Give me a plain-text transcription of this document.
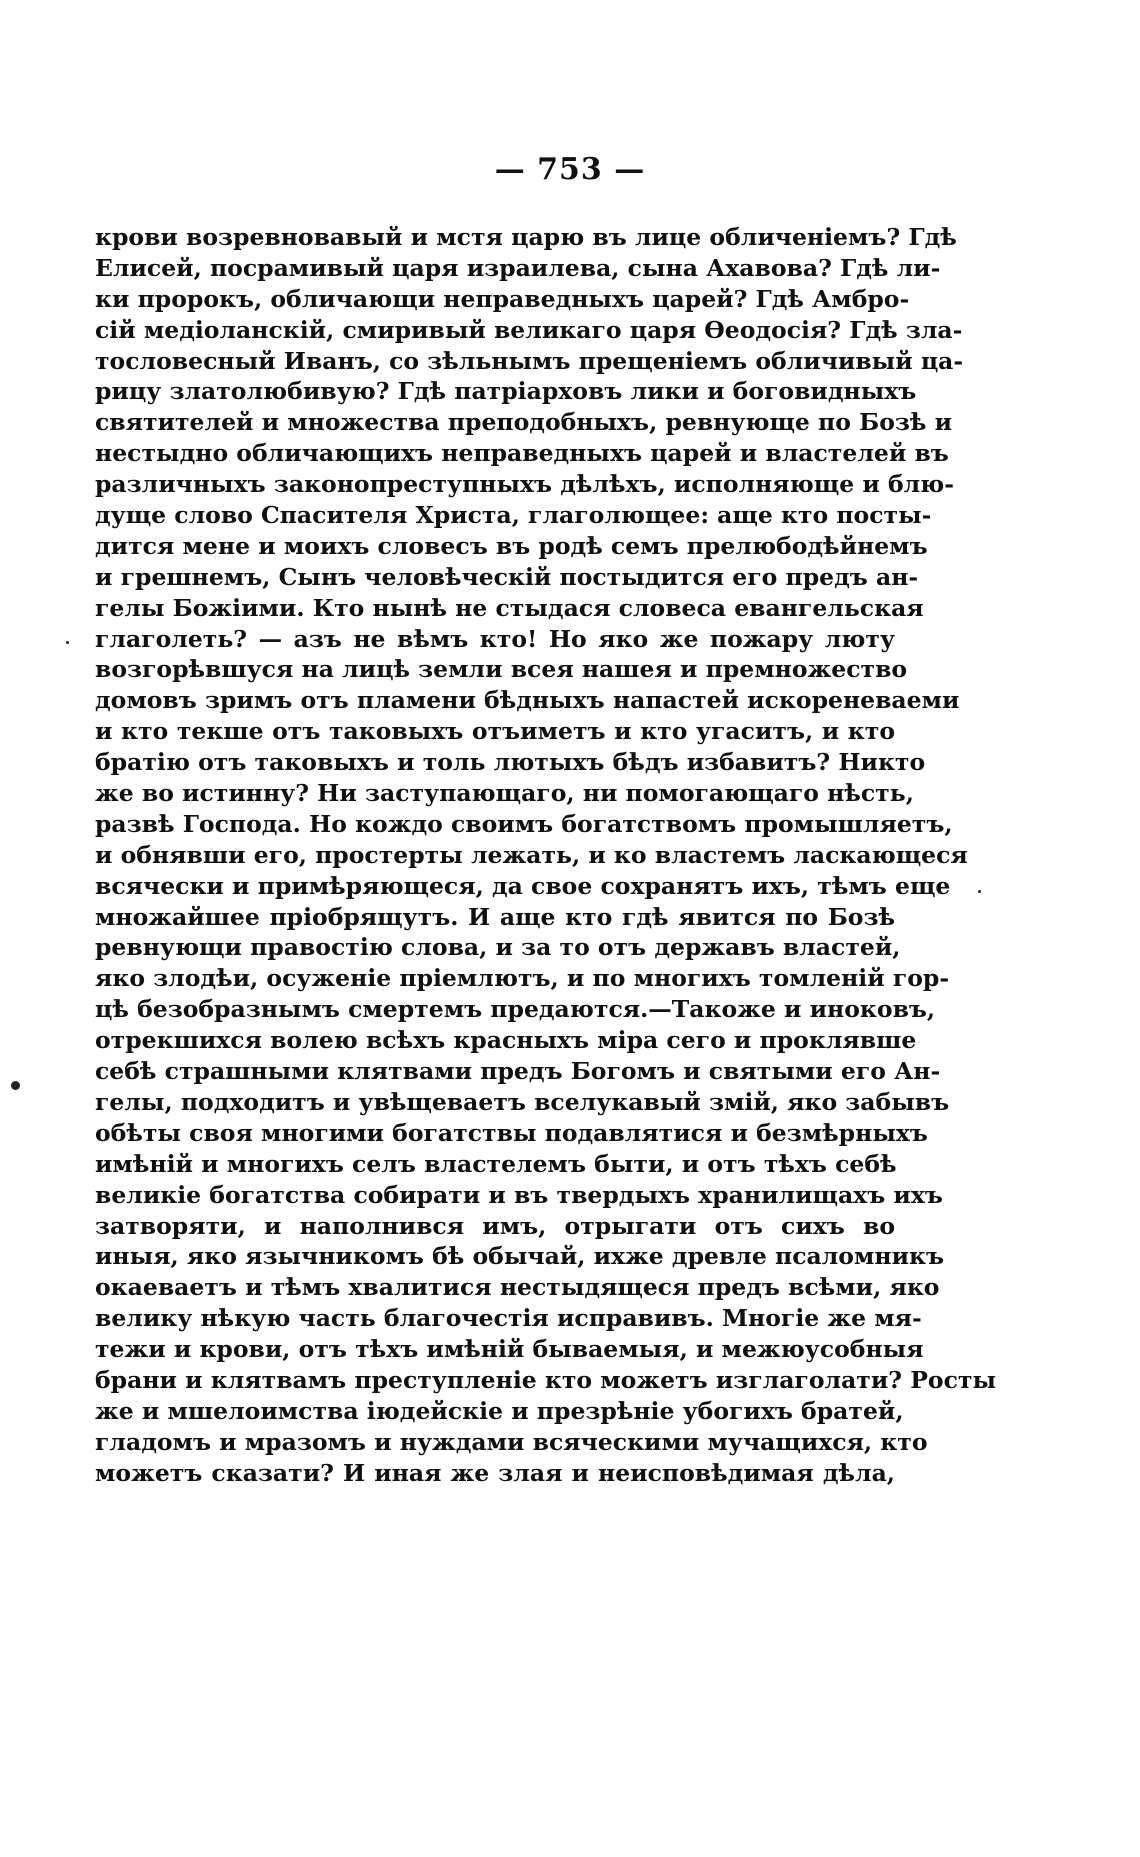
— 753 —
крови возревновавый и мстя царю въ лице обличеніемъ? Гдѣ
Елисей, посрамивый царя израилева, сына Ахавова? Гдѣ ли-
ки пророкъ, обличающи неправедныхъ царей? Гдѣ Амбро-
сій медіоланскій, смиривый великаго царя Өеодосія? Гдѣ зла-
тословесный Иванъ, со зѣльнымъ прещеніемъ обличивый ца-
рицу златолюбивую? Гдѣ патріарховъ лики и боговидныхъ
святителей и множества преподобныхъ, ревнующе по Бозѣ и
нестыдно обличающихъ неправедныхъ царей и властелей въ
различныхъ законопреступныхъ дѣлѣхъ, исполняюще и блю-
дуще слово Спасителя Христа, глаголющее: аще кто посты-
дится мене и моихъ словесъ въ родѣ семъ прелюбодѣйнемъ
и грешнемъ, Сынъ человѣческій постыдится его предъ ан-
гелы Божіими. Кто нынѣ не стыдася словеса евангельская
глаголеть? — азъ не вѣмъ кто! Но яко же пожару люту
возгорѣвшуся на лицѣ земли всея нашея и премножество
домовъ зримъ отъ пламени бѣдныхъ напастей искореневаеми
и кто текше отъ таковыхъ отъиметъ и кто угаситъ, и кто
братію отъ таковыхъ и толь лютыхъ бѣдъ избавитъ? Никто
же во истинну? Ни заступающаго, ни помогающаго нѣсть,
развѣ Господа. Но кождо своимъ богатствомъ промышляетъ,
и обнявши его, простерты лежать, и ко властемъ ласкающеся
всячески и примѣряющеся, да свое сохранятъ ихъ, тѣмъ еще
множайшее пріобрящутъ. И аще кто гдѣ явится по Бозѣ
ревнующи правостію слова, и за то отъ державъ властей,
яко злодѣи, осуженіе пріемлютъ, и по многихъ томленій гор-
цѣ безобразнымъ смертемъ предаются.—Такоже и иноковъ,
отрекшихся волею всѣхъ красныхъ міра сего и проклявше
себѣ страшными клятвами предъ Богомъ и святыми его Ан-
гелы, подходитъ и увѣщеваетъ вселукавый змій, яко забывъ
обѣты своя многими богатствы подавлятися и безмѣрныхъ
имѣній и многихъ селъ властелемъ быти, и отъ тѣхъ себѣ
великіе богатства собирати и въ твердыхъ хранилищахъ ихъ
затворяти, и наполнився имъ, отрыгати отъ сихъ во
иныя, яко язычникомъ бѣ обычай, ихже древле псаломникъ
окаеваетъ и тѣмъ хвалитися нестыдящеся предъ всѣми, яко
велику нѣкую часть благочестія исправивъ. Многіе же мя-
тежи и крови, отъ тѣхъ имѣній бываемыя, и межюусобныя
брани и клятвамъ преступленіе кто можетъ изглаголати? Росты
же и мшелоимства іюдейскіе и презрѣніе убогихъ братей,
гладомъ и мразомъ и нуждами всяческими мучащихся, кто
можетъ сказати? И иная же злая и неисповѣдимая дѣла,
